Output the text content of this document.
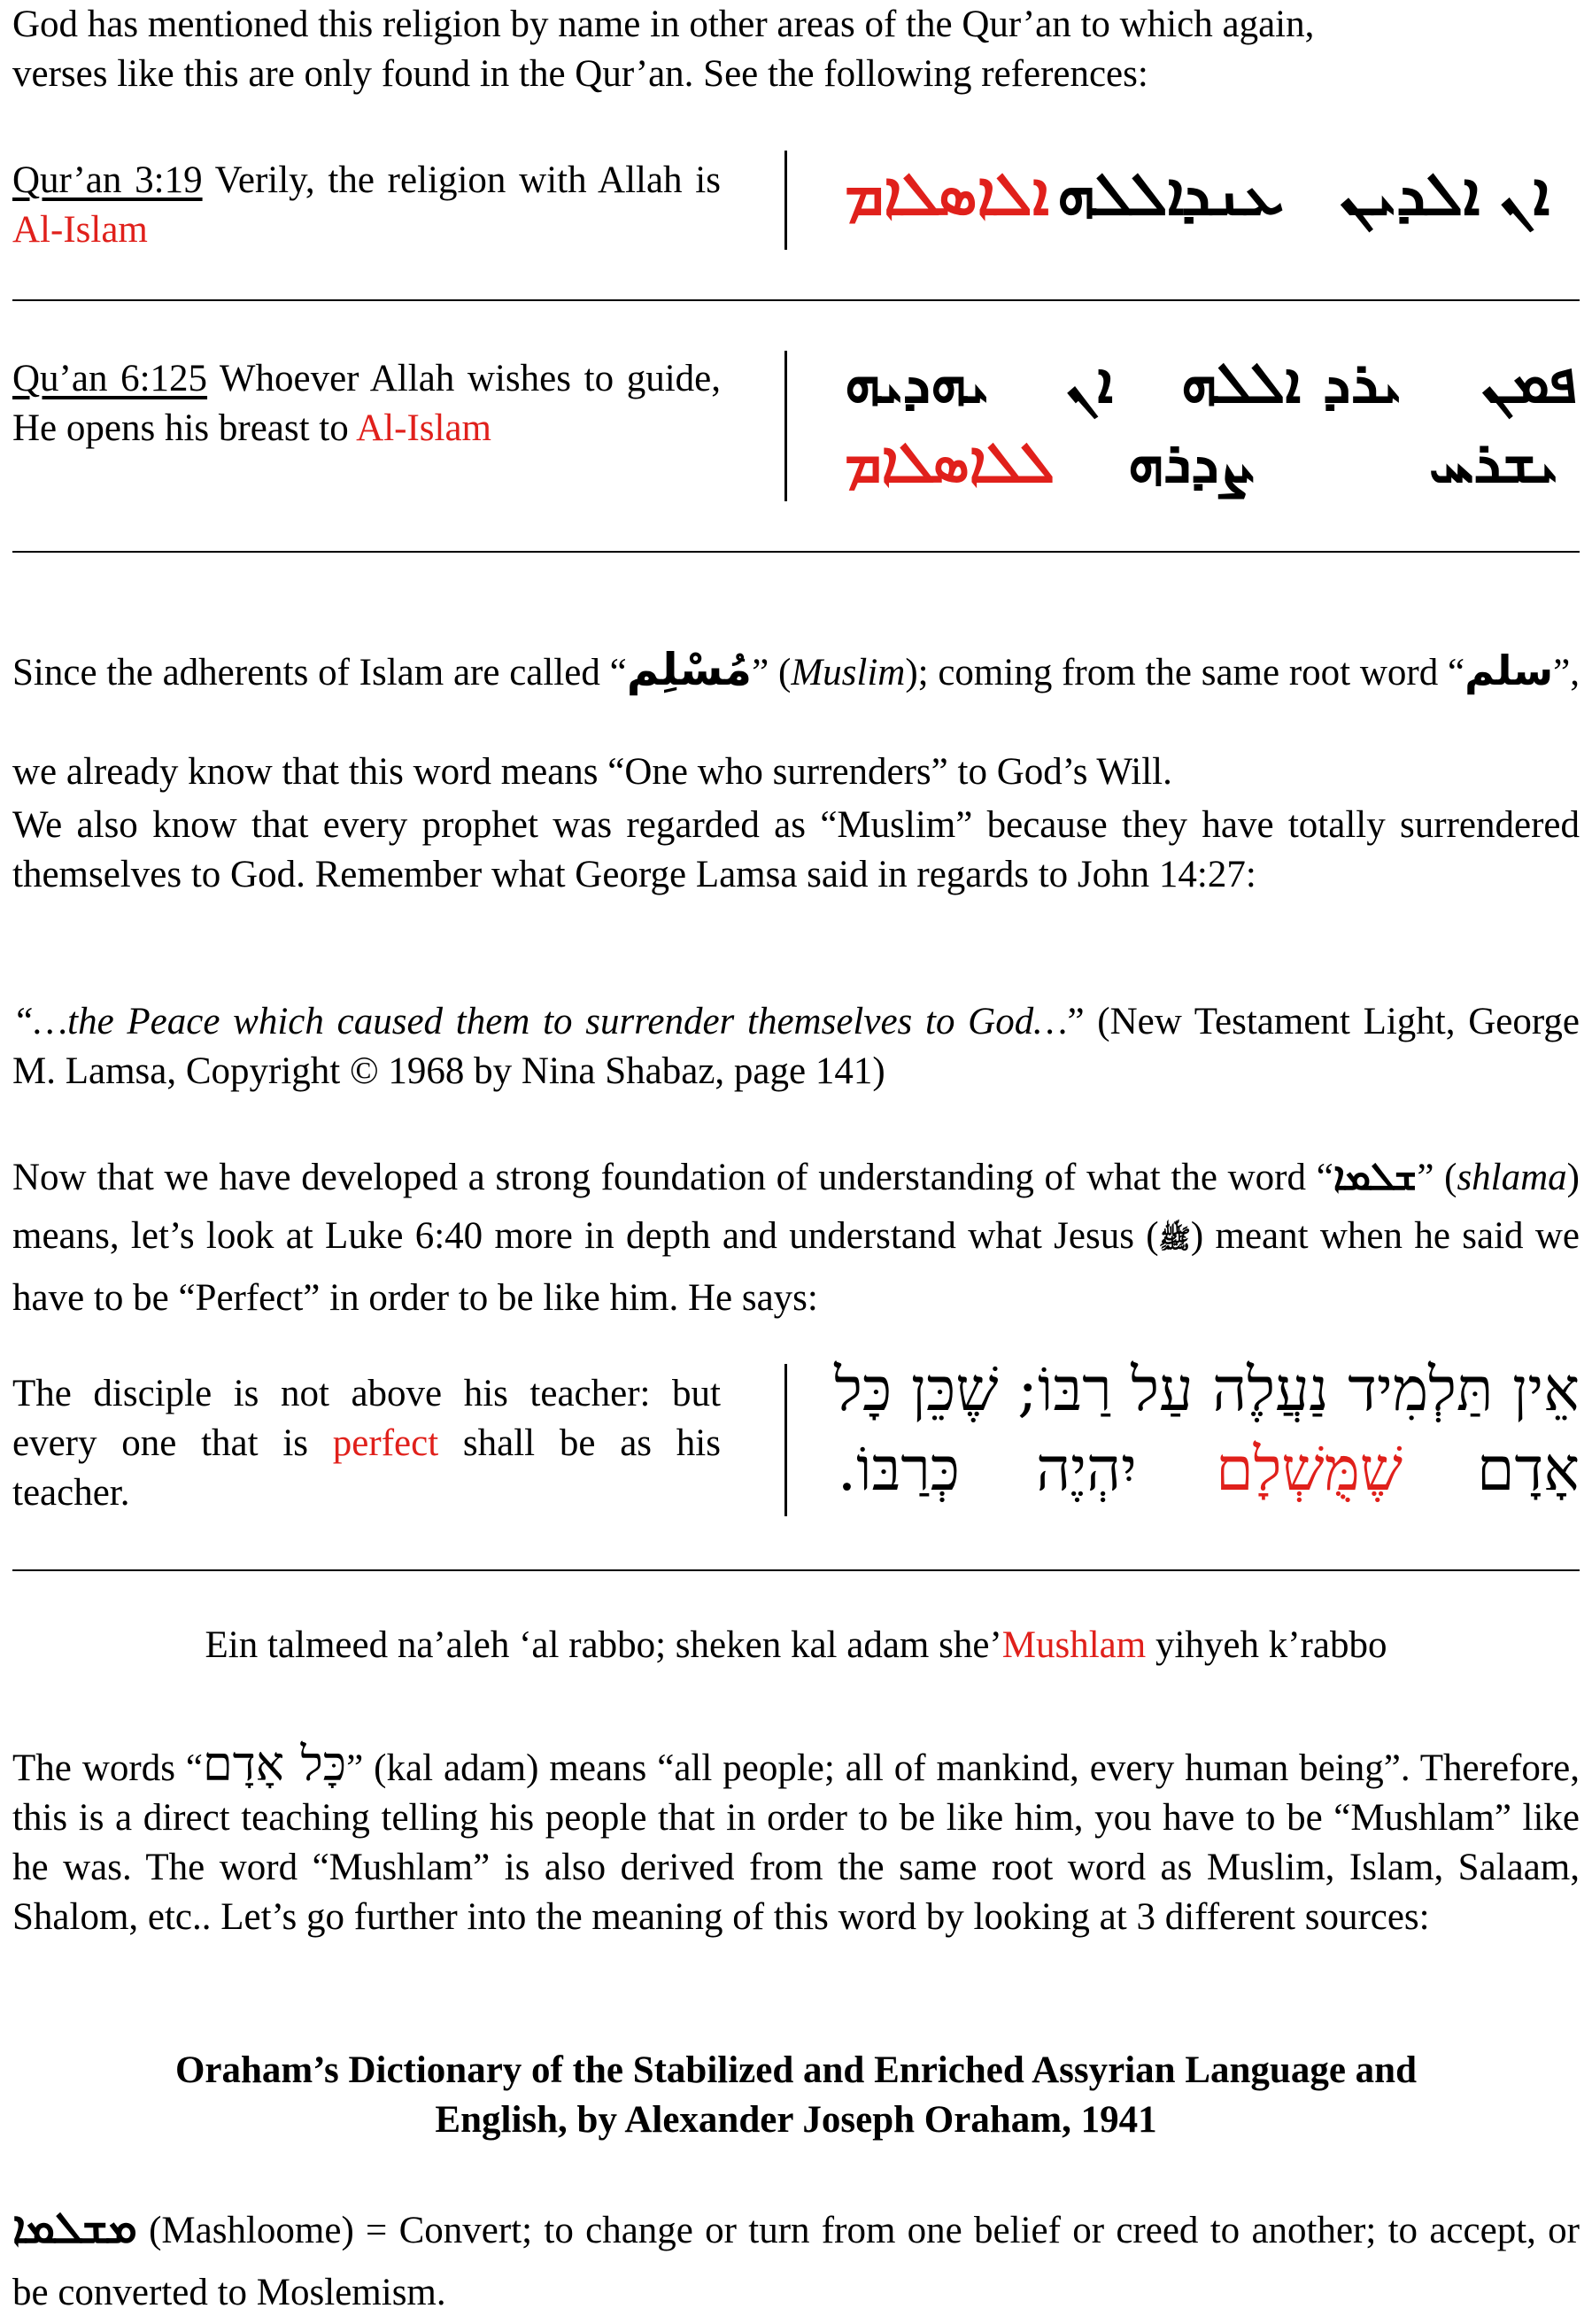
God has mentioned this religion by name in other areas of the Qur’an to which again,
verses like this are only found in the Qur’an. See the following references:

Qur’an 3:19 Verily, the religion with Allah is Al-Islam

ܐܠܐܣܠܐܡ ܐܠܠܗ
ܥܢܕ ܐܠܕܝܢ ܐܢ

Qu’an 6:125 Whoever Allah wishes to guide, He opens his breast to Al-Islam

ܝܗܕܝܗ ܐܢ ܐܠܠܗ ܝܪܕ ܦܡܢ
ܠܠܐܣܠܐܡ ܨܕܪܗ	ܝܫܪܚ

Since the adherents of Islam are called “مُسْلِم” (Muslim); coming from the same root word “سلم”, we already know that this word means “One who surrenders” to God’s Will.

We also know that every prophet was regarded as “Muslim” because they have totally surrendered themselves to God. Remember what George Lamsa said in regards to John 14:27:

“…the Peace which caused them to surrender themselves to God…” (New Testament Light, George M. Lamsa, Copyright © 1968 by Nina Shabaz, page 141)

Now that we have developed a strong foundation of understanding of what the word “ܫܠܡܐ” (shlama) means, let’s look at Luke 6:40 more in depth and understand what Jesus (ﷺ) meant when he said we have to be “Perfect” in order to be like him. He says:

The disciple is not above his teacher: but every one that is perfect shall be as his teacher.

אֵין תַּלְמִיד נַעֲלֶה עַל רַבּוֹ; שֶׁכֵּן כָּל
אָדָם
שֶׁמֻּשְׁלָם
יִהְיֶה
כְּרַבּוֹ.

Ein talmeed na’aleh ‘al rabbo; sheken kal adam she’Mushlam yihyeh k’rabbo

The words “כָּל אָדָם” (kal adam) means “all people; all of mankind, every human being”. Therefore, this is a direct teaching telling his people that in order to be like him, you have to be “Mushlam” like he was. The word “Mushlam” is also derived from the same root word as Muslim, Islam, Salaam, Shalom, etc.. Let’s go further into the meaning of this word by looking at 3 different sources:

Oraham’s Dictionary of the Stabilized and Enriched Assyrian Language and
English, by Alexander Joseph Oraham, 1941

ܡܫܠܡܐ (Mashloome) = Convert; to change or turn from one belief or creed to another; to accept, or be converted to Moslemism.
